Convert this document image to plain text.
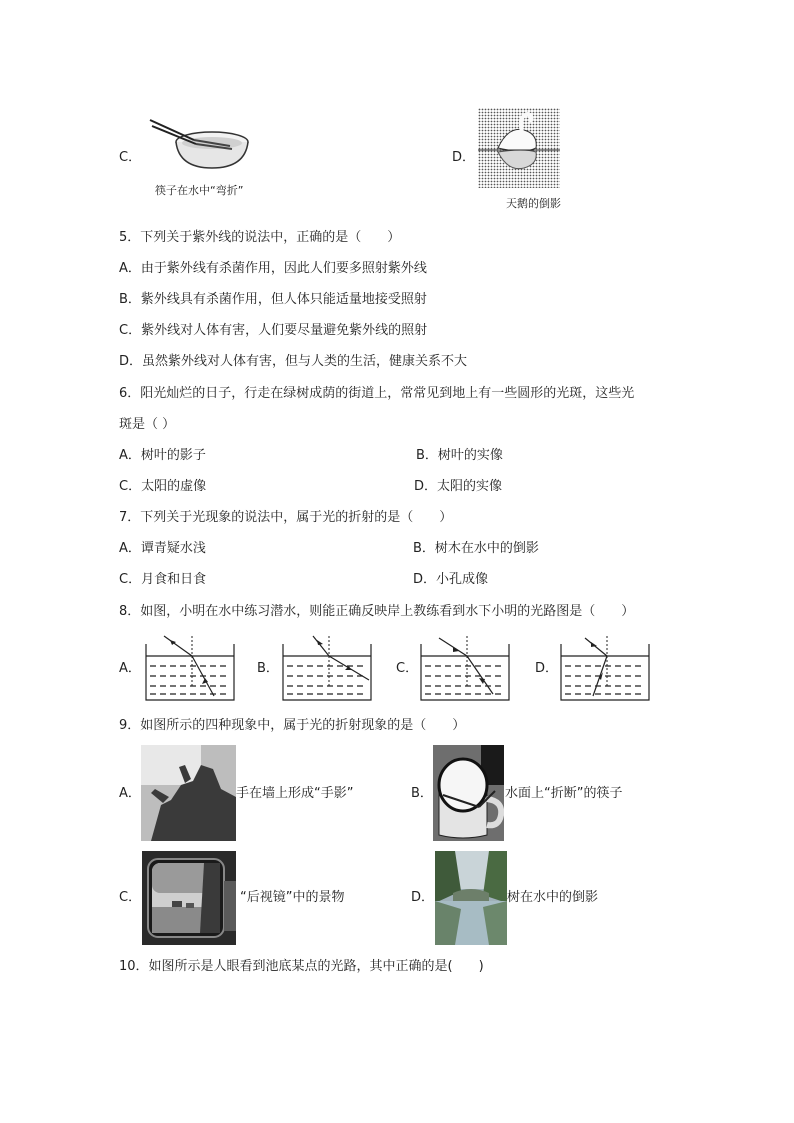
C．
筷子在水中“弯折”
D．
天鹅的倒影
5．下列关于紫外线的说法中，正确的是（　　）
A．由于紫外线有杀菌作用，因此人们要多照射紫外线
B．紫外线具有杀菌作用，但人体只能适量地接受照射
C．紫外线对人体有害，人们要尽量避免紫外线的照射
D．虽然紫外线对人体有害，但与人类的生活，健康关系不大
6．阳光灿烂的日子，行走在绿树成荫的街道上，常常见到地上有一些圆形的光斑，这些光
斑是（ ）
A．树叶的影子	B．树叶的实像
C．太阳的虚像	D．太阳的实像
7．下列关于光现象的说法中，属于光的折射的是（　　）
A．谭青疑水浅	B．树木在水中的倒影
C．月食和日食	D．小孔成像
8．如图，小明在水中练习潜水，则能正确反映岸上教练看到水下小明的光路图是（　　）
A．	B．	C．	D．
9．如图所示的四种现象中，属于光的折射现象的是（　　）
A．	手在墙上形成“手影”	B．	水面上“折断”的筷子
C．	“后视镜”中的景物	D．	树在水中的倒影
10．如图所示是人眼看到池底某点的光路，其中正确的是(　　)
